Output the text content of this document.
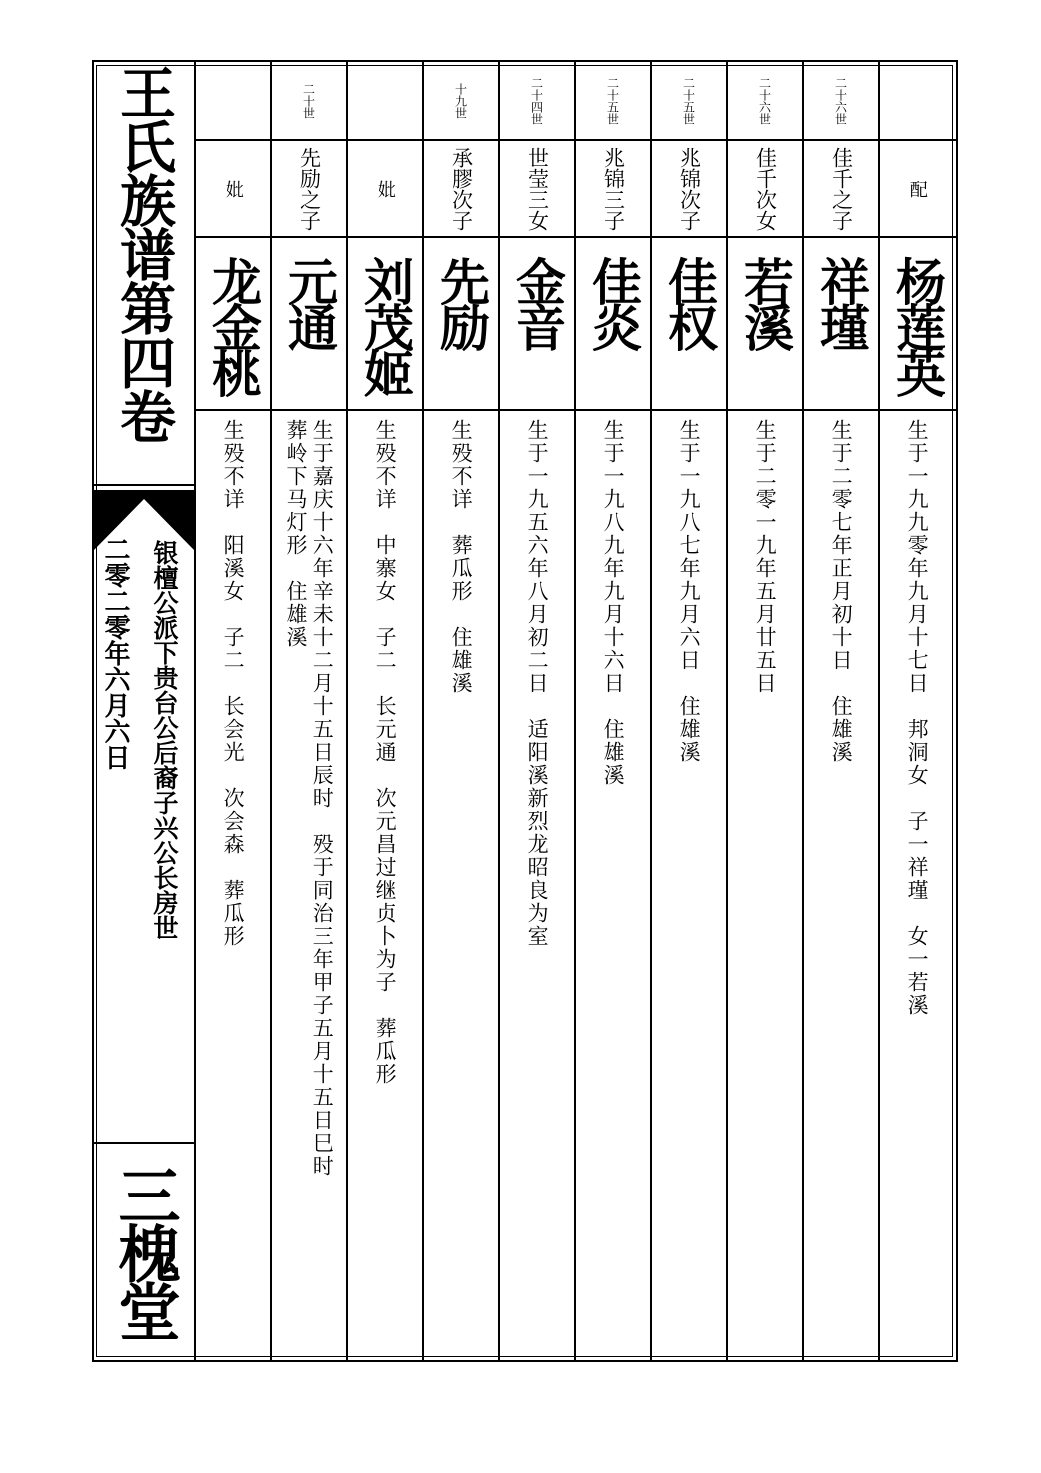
王氏族谱第四卷
银檀公派下贵台公后裔子兴公长房世
二零二零年六月六日
三槐堂
妣
龙金桃
生殁不详　阳溪女　子二　长会光　次会森　葬瓜形
二十世
先励之子
元通
生于嘉庆十六年辛未十二月十五日辰时　殁于同治三年甲子五月十五日巳时
葬岭下马灯形　住雄溪
妣
刘茂姬
生殁不详　中寨女　子二　长元通　次元昌过继贞卜为子　葬瓜形
十九世
承膠次子
先励
生殁不详　葬瓜形　住雄溪
二十四世
世莹三女
金音
生于一九五六年八月初二日　适阳溪新烈龙昭良为室
二十五世
兆锦三子
佳炎
生于一九八九年九月十六日　住雄溪
二十五世
兆锦次子
佳权
生于一九八七年九月六日　住雄溪
二十六世
佳千次女
若溪
生于二零一九年五月廿五日
二十六世
佳千之子
祥瑾
生于二零七年正月初十日　住雄溪
配
杨莲英
生于一九九零年九月十七日　邦洞女　子一祥瑾　女一若溪
